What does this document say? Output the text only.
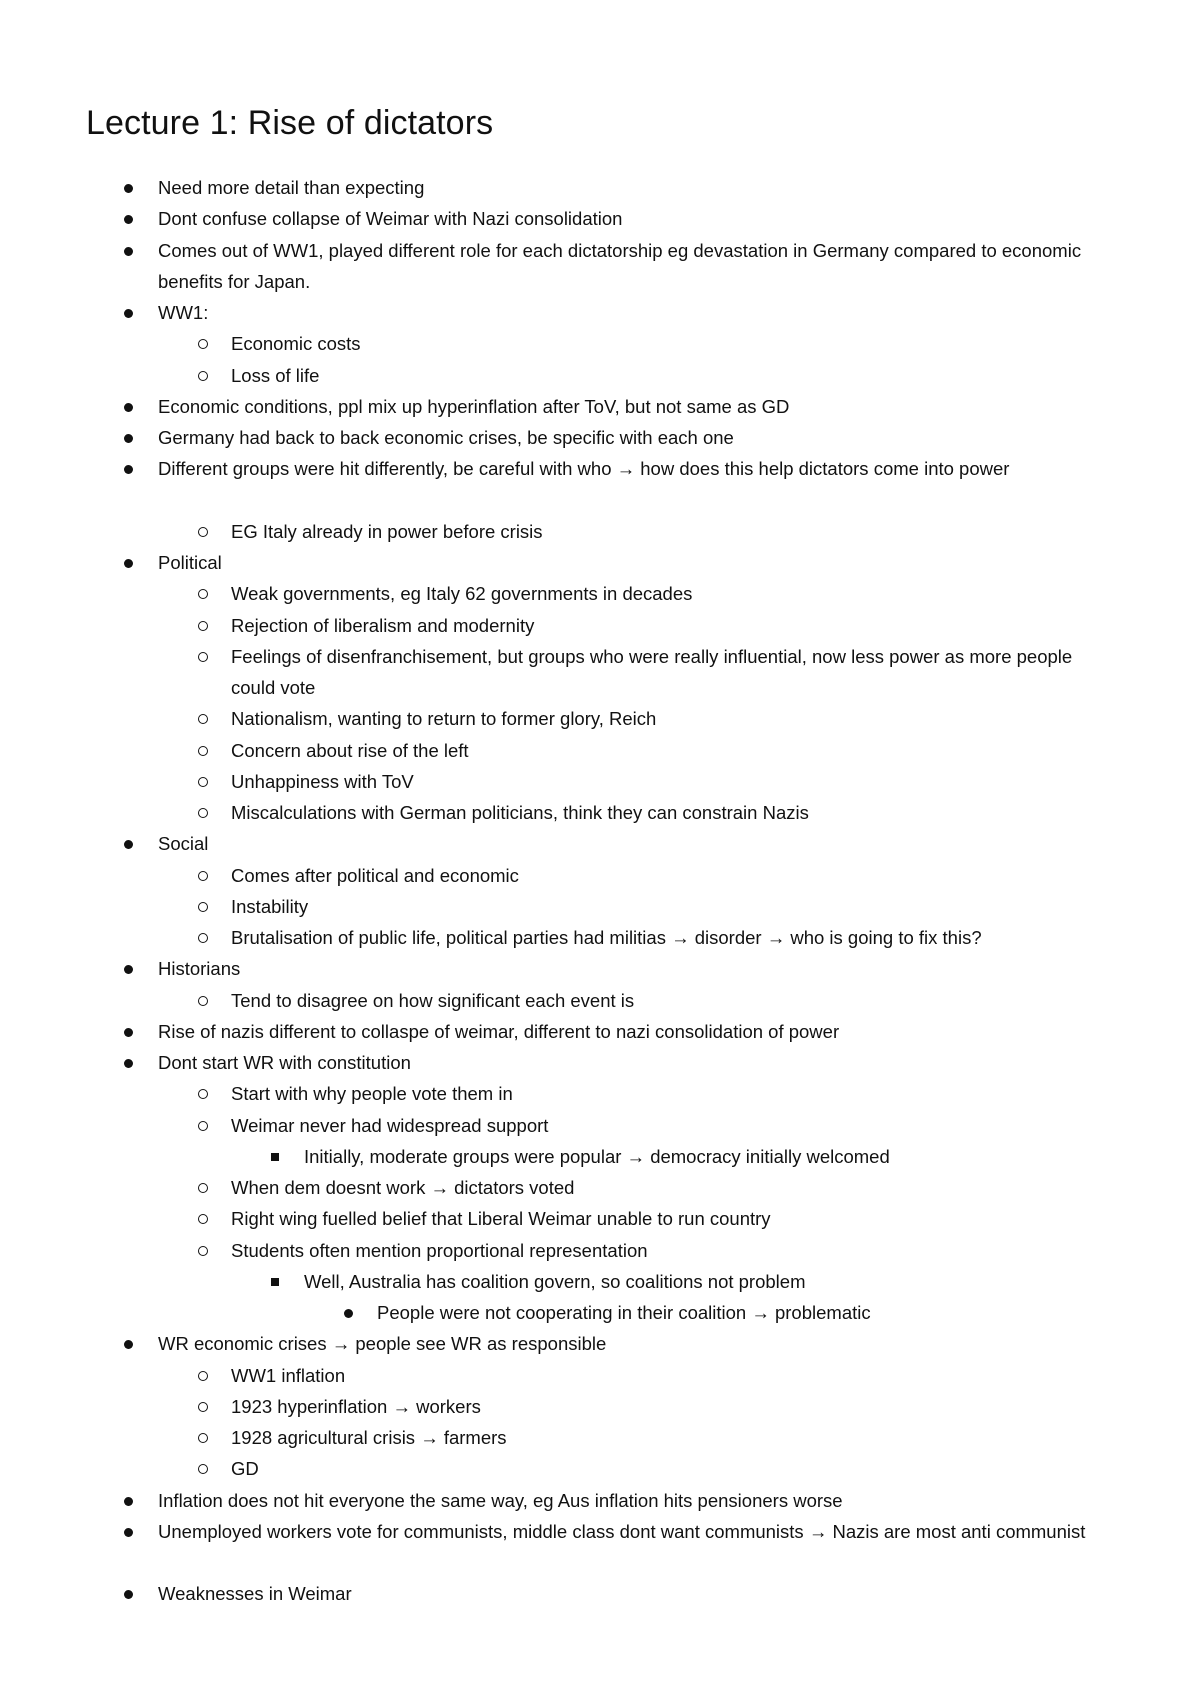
Lecture 1: Rise of dictators
Need more detail than expecting
Dont confuse collapse of Weimar with Nazi consolidation
Comes out of WW1, played different role for each dictatorship eg devastation in Germany compared to economic benefits for Japan.
WW1:
Economic costs
Loss of life
Economic conditions, ppl mix up hyperinflation after ToV, but not same as GD
Germany had back to back economic crises, be specific with each one
Different groups were hit differently, be careful with who → how does this help dictators come into power
EG Italy already in power before crisis
Political
Weak governments, eg Italy 62 governments in decades
Rejection of liberalism and modernity
Feelings of disenfranchisement, but groups who were really influential, now less power as more people could vote
Nationalism, wanting to return to former glory, Reich
Concern about rise of the left
Unhappiness with ToV
Miscalculations with German politicians, think they can constrain Nazis
Social
Comes after political and economic
Instability
Brutalisation of public life, political parties had militias → disorder → who is going to fix this?
Historians
Tend to disagree on how significant each event is
Rise of nazis different to collaspe of weimar, different to nazi consolidation of power
Dont start WR with constitution
Start with why people vote them in
Weimar never had widespread support
Initially, moderate groups were popular → democracy initially welcomed
When dem doesnt work → dictators voted
Right wing fuelled belief that Liberal Weimar unable to run country
Students often mention proportional representation
Well, Australia has coalition govern, so coalitions not problem
People were not cooperating in their coalition → problematic
WR economic crises → people see WR as responsible
WW1 inflation
1923 hyperinflation → workers
1928 agricultural crisis → farmers
GD
Inflation does not hit everyone the same way, eg Aus inflation hits pensioners worse
Unemployed workers vote for communists, middle class dont want communists → Nazis are most anti communist
Weaknesses in Weimar
